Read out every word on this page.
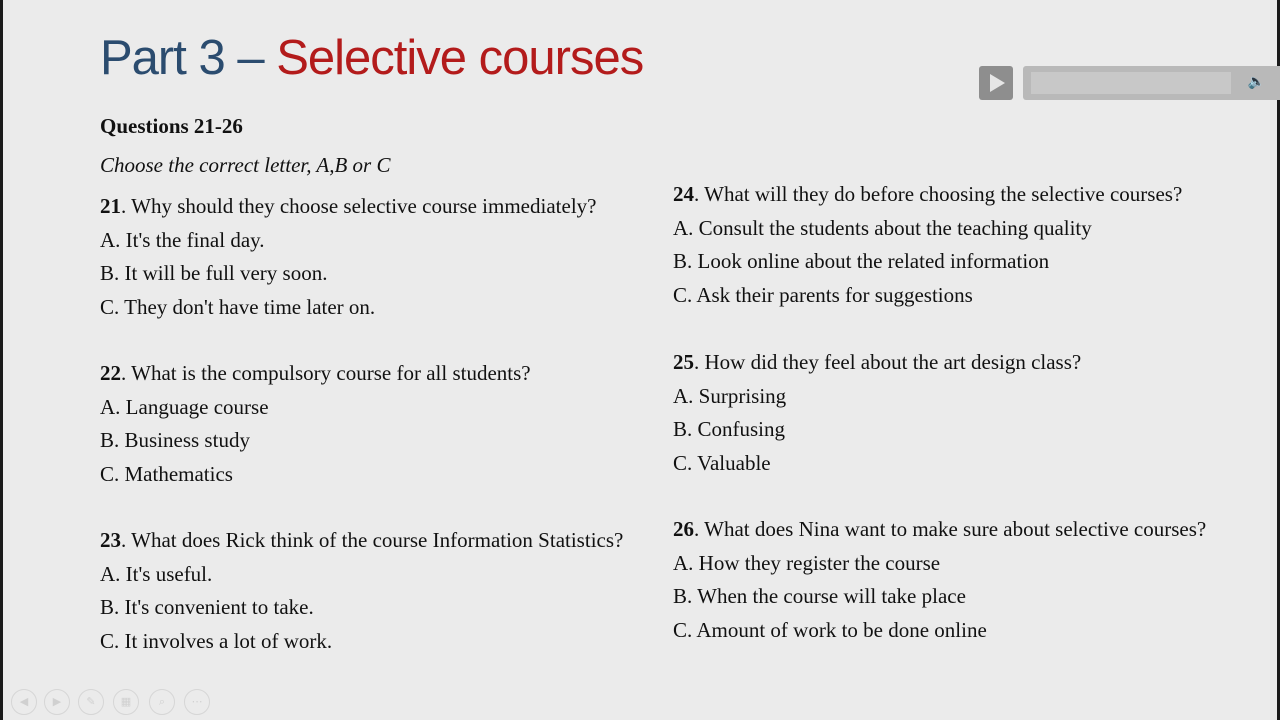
Part 3 – Selective courses
Questions 21-26
Choose the correct letter, A,B or C
21. Why should they choose selective course immediately?
A. It's the final day.
B. It will be full very soon.
C. They don't have time later on.
22. What is the compulsory course for all students?
A. Language course
B. Business study
C. Mathematics
23. What does Rick think of the course Information Statistics?
A. It's useful.
B. It's convenient to take.
C. It involves a lot of work.
24. What will they do before choosing the selective courses?
A. Consult the students about the teaching quality
B. Look online about the related information
C. Ask their parents for suggestions
25. How did they feel about the art design class?
A. Surprising
B. Confusing
C. Valuable
26. What does Nina want to make sure about selective courses?
A. How they register the course
B. When the course will take place
C. Amount of work to be done online
🔈
◀	▶	✎	▦	⌕	⋯
